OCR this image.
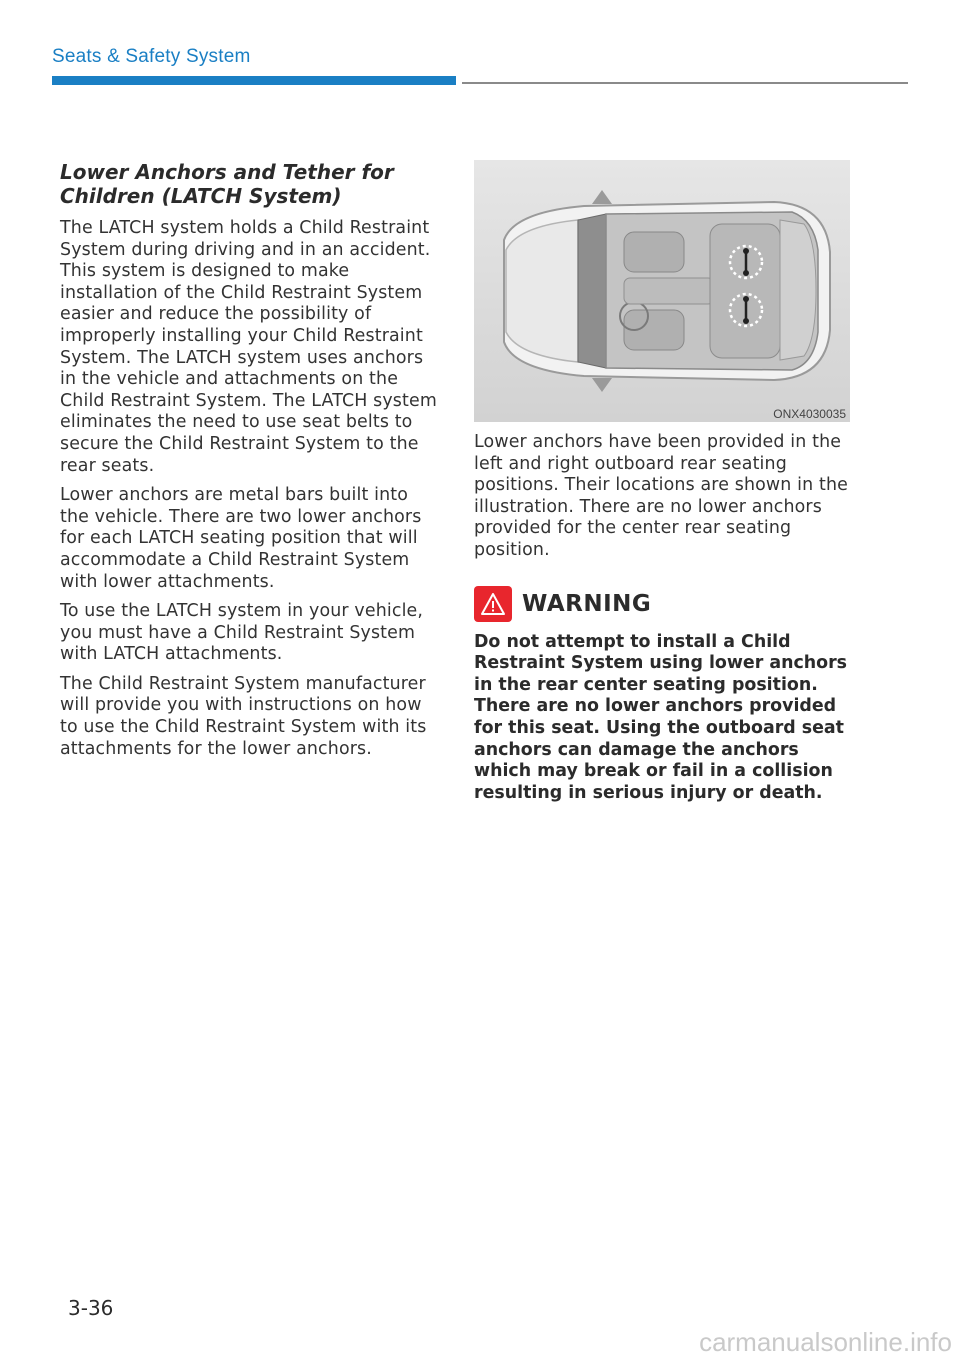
Seats & Safety System
Lower Anchors and Tether for Children (LATCH System)

The LATCH system holds a Child Restraint System during driving and in an accident. This system is designed to make installation of the Child Restraint System easier and reduce the possibility of improperly installing your Child Restraint System. The LATCH system uses anchors in the vehicle and attachments on the Child Restraint System. The LATCH system eliminates the need to use seat belts to secure the Child Restraint System to the rear seats.

Lower anchors are metal bars built into the vehicle. There are two lower anchors for each LATCH seating position that will accommodate a Child Restraint System with lower attachments.

To use the LATCH system in your vehicle, you must have a Child Restraint System with LATCH attachments.

The Child Restraint System manufacturer will provide you with instructions on how to use the Child Restraint System with its attachments for the lower anchors.

ONX4030035

Lower anchors have been provided in the left and right outboard rear seating positions. Their locations are shown in the illustration. There are no lower anchors provided for the center rear seating position.

WARNING

Do not attempt to install a Child Restraint System using lower anchors in the rear center seating position. There are no lower anchors provided for this seat. Using the outboard seat anchors can damage the anchors which may break or fail in a collision resulting in serious injury or death.

3-36
carmanualsonline.info
